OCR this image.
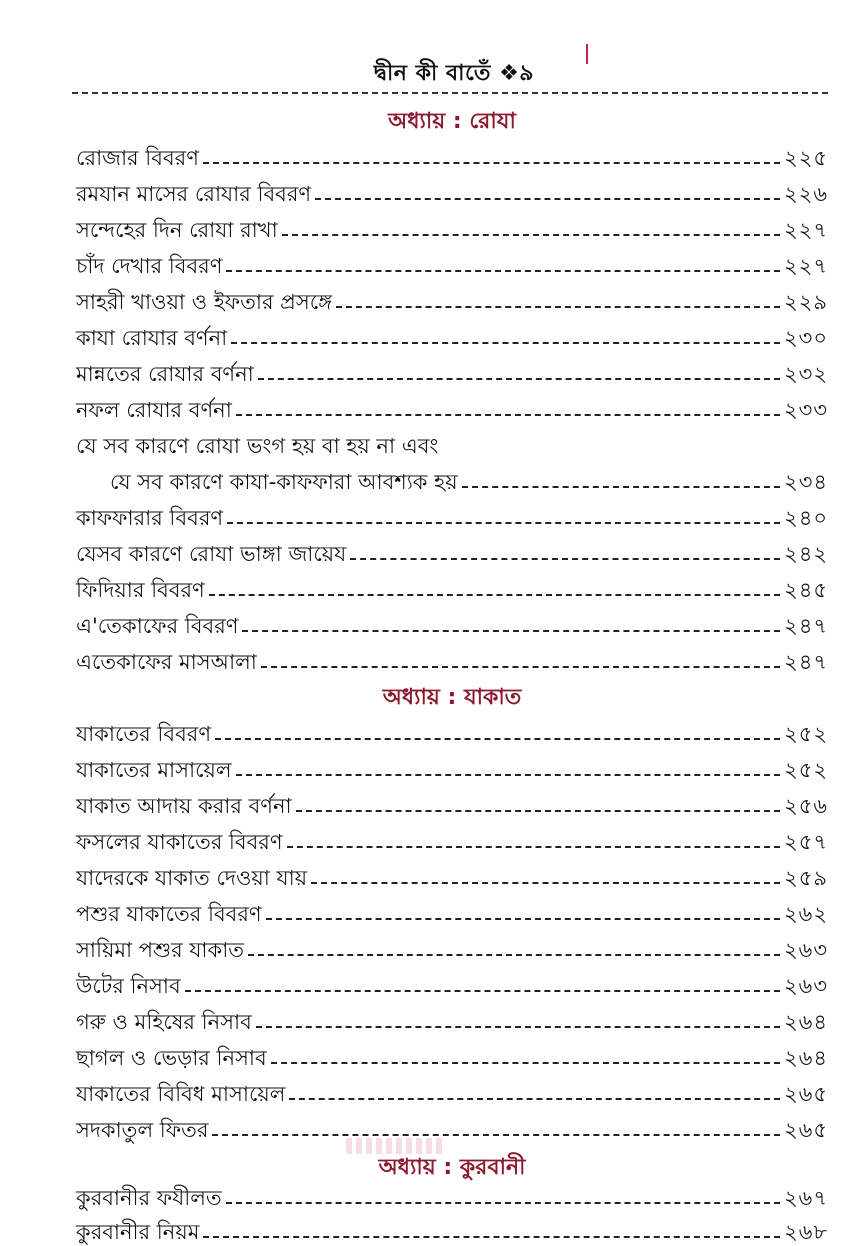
দ্বীন কী বাতেঁ ❖৯
অধ্যায় : রোযা
রোজার বিবরণ	২২৫
রমযান মাসের রোযার বিবরণ	২২৬
সন্দেহের দিন রোযা রাখা	২২৭
চাঁদ দেখার বিবরণ	২২৭
সাহরী খাওয়া ও ইফতার প্রসঙ্গে	২২৯
কাযা রোযার বর্ণনা	২৩০
মান্নতের রোযার বর্ণনা	২৩২
নফল রোযার বর্ণনা	২৩৩
যে সব কারণে রোযা ভংগ হয় বা হয় না এবং
যে সব কারণে কাযা-কাফফারা আবশ্যক হয়	২৩৪
কাফফারার বিবরণ	২৪০
যেসব কারণে রোযা ভাঙ্গা জায়েয	২৪২
ফিদিয়ার বিবরণ	২৪৫
এ'তেকাফের বিবরণ	২৪৭
এতেকাফের মাসআলা	২৪৭
অধ্যায় : যাকাত
যাকাতের বিবরণ	২৫২
যাকাতের মাসায়েল	২৫২
যাকাত আদায় করার বর্ণনা	২৫৬
ফসলের যাকাতের বিবরণ	২৫৭
যাদেরকে যাকাত দেওয়া যায়	২৫৯
পশুর যাকাতের বিবরণ	২৬২
সায়িমা পশুর যাকাত	২৬৩
উটের নিসাব	২৬৩
গরু ও মহিষের নিসাব	২৬৪
ছাগল ও ভেড়ার নিসাব	২৬৪
যাকাতের বিবিধ মাসায়েল	২৬৫
সদকাতুল ফিতর	২৬৫
অধ্যায় : কুরবানী
কুরবানীর ফযীলত	২৬৭
কুরবানীর নিয়ম	২৬৮
